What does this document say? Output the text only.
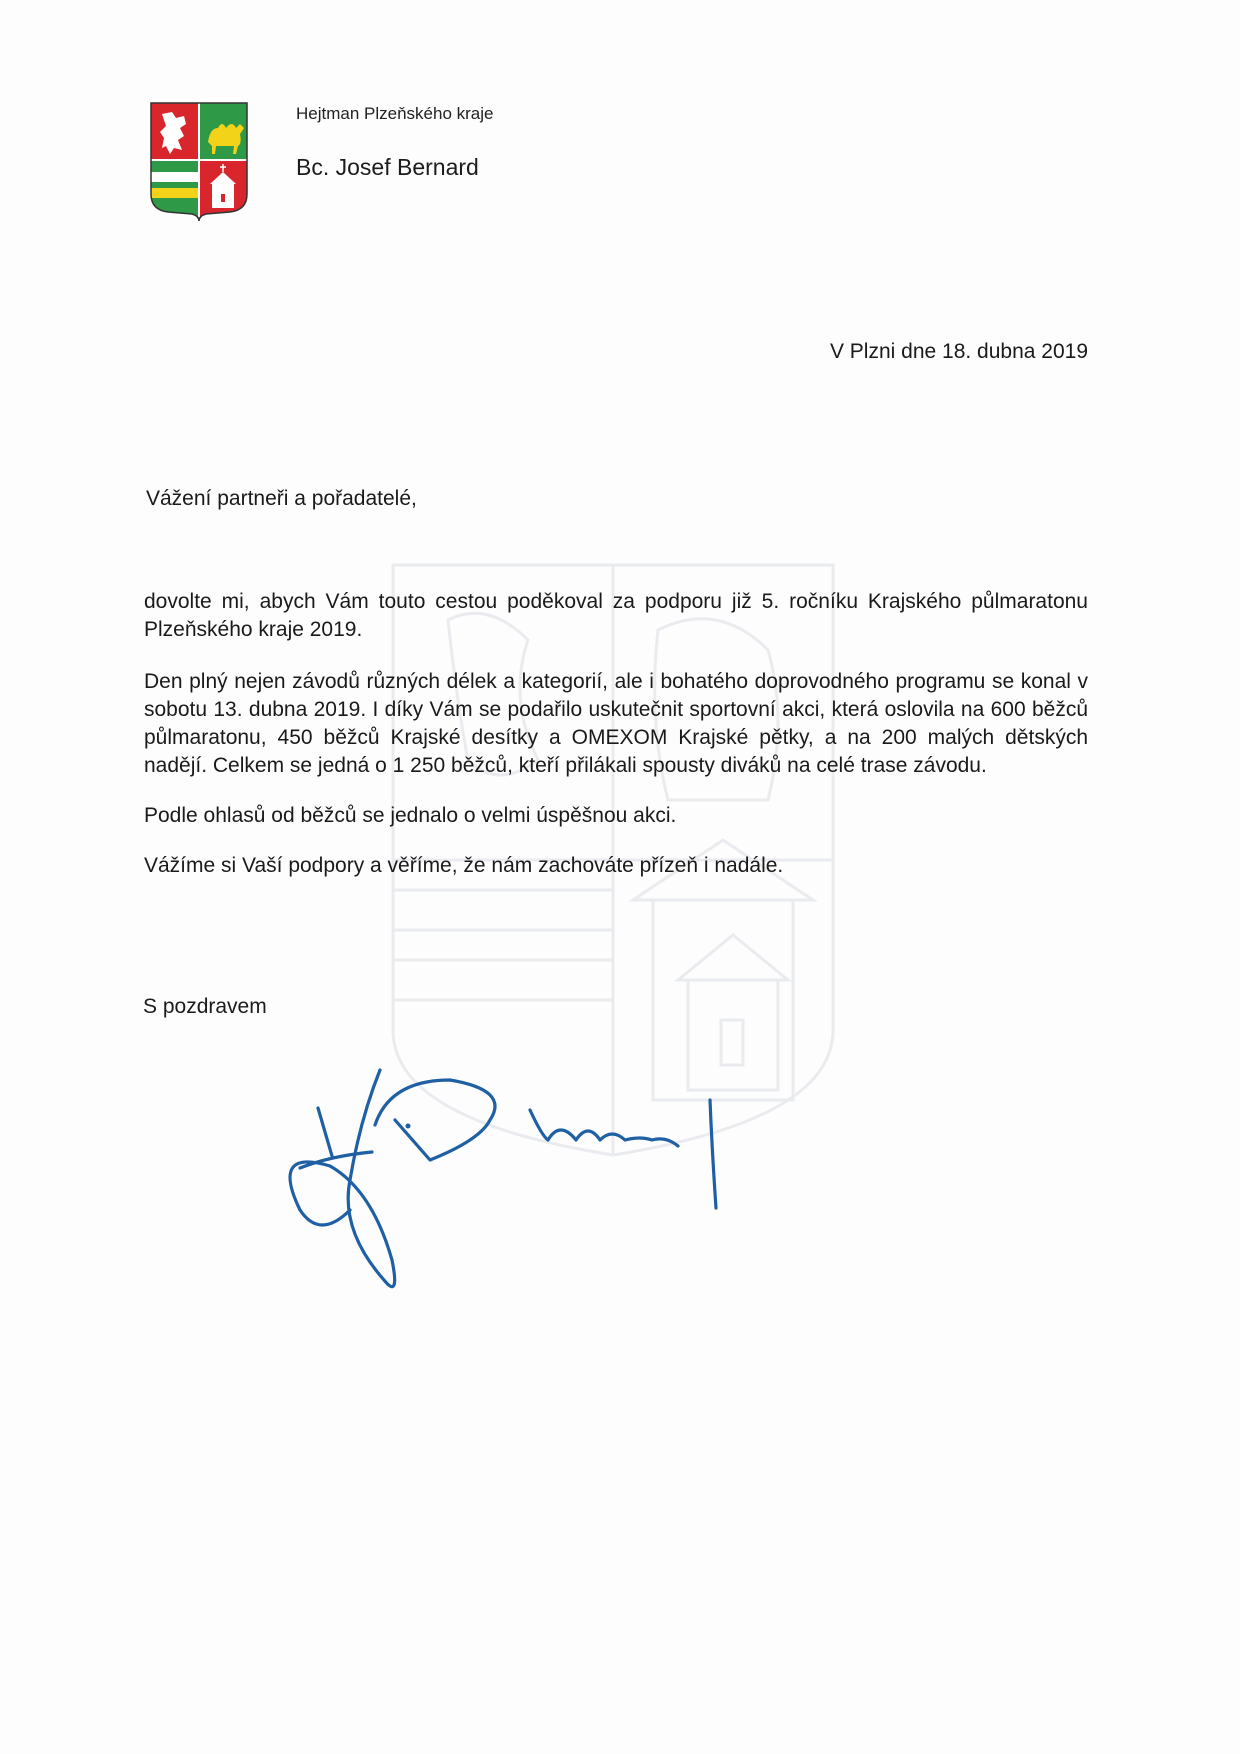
Hejtman Plzeňského kraje
Bc. Josef Bernard
V Plzni dne 18. dubna 2019
Vážení partneři a pořadatelé,

dovolte mi, abych Vám touto cestou poděkoval za podporu již 5. ročníku Krajského půlmaratonu Plzeňského kraje 2019.

Den plný nejen závodů různých délek a kategorií, ale i bohatého doprovodného programu se konal v sobotu 13. dubna 2019. I díky Vám se podařilo uskutečnit sportovní akci, která oslovila na 600 běžců půlmaratonu, 450 běžců Krajské desítky a OMEXOM Krajské pětky, a na 200 malých dětských nadějí. Celkem se jedná o 1 250 běžců, kteří přilákali spousty diváků na celé trase závodu.

Podle ohlasů od běžců se jednalo o velmi úspěšnou akci.

Vážíme si Vaší podpory a věříme, že nám zachováte přízeň i nadále.

S pozdravem
